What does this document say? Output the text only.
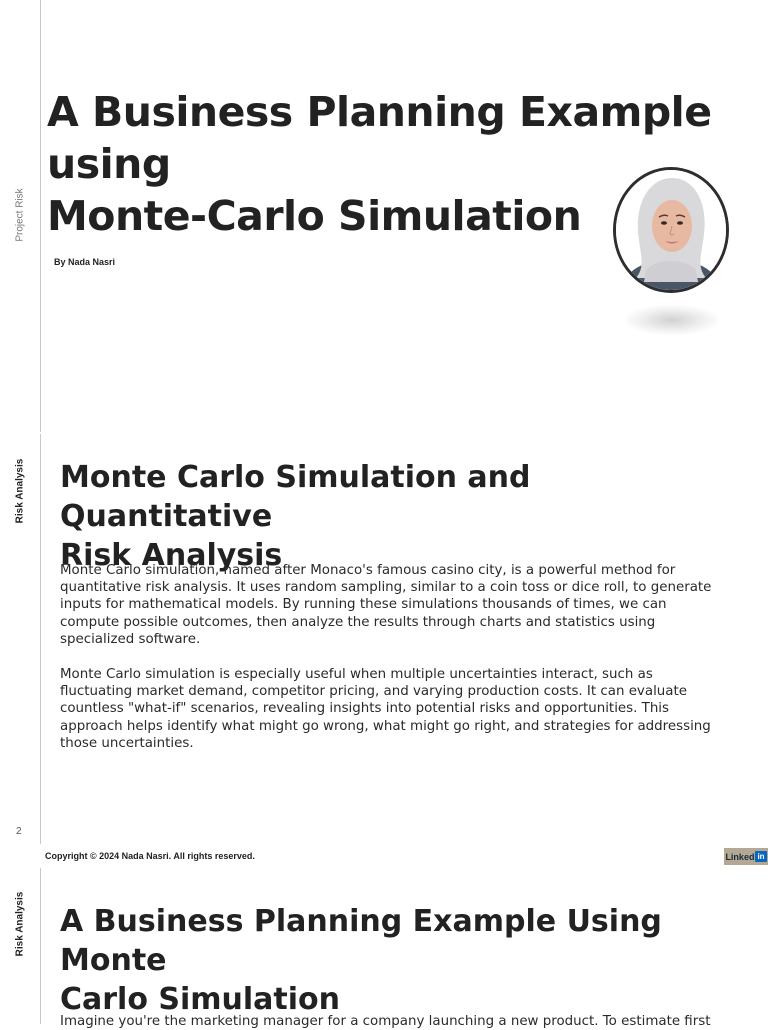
Project Risk
Risk Analysis
Risk Analysis
A Business Planning Example
using
Monte-Carlo Simulation
By Nada Nasri
Monte Carlo Simulation and Quantitative
Risk Analysis

Monte Carlo simulation, named after Monaco's famous casino city, is a powerful method for
quantitative risk analysis. It uses random sampling, similar to a coin toss or dice roll, to generate
inputs for mathematical models. By running these simulations thousands of times, we can
compute possible outcomes, then analyze the results through charts and statistics using
specialized software.

Monte Carlo simulation is especially useful when multiple uncertainties interact, such as
fluctuating market demand, competitor pricing, and varying production costs. It can evaluate
countless "what-if" scenarios, revealing insights into potential risks and opportunities. This
approach helps identify what might go wrong, what might go right, and strategies for addressing
those uncertainties.

2
Copyright © 2024 Nada Nasri. All rights reserved.	Linked in
A Business Planning Example Using Monte
Carlo Simulation

Imagine you're the marketing manager for a company launching a new product. To estimate first
